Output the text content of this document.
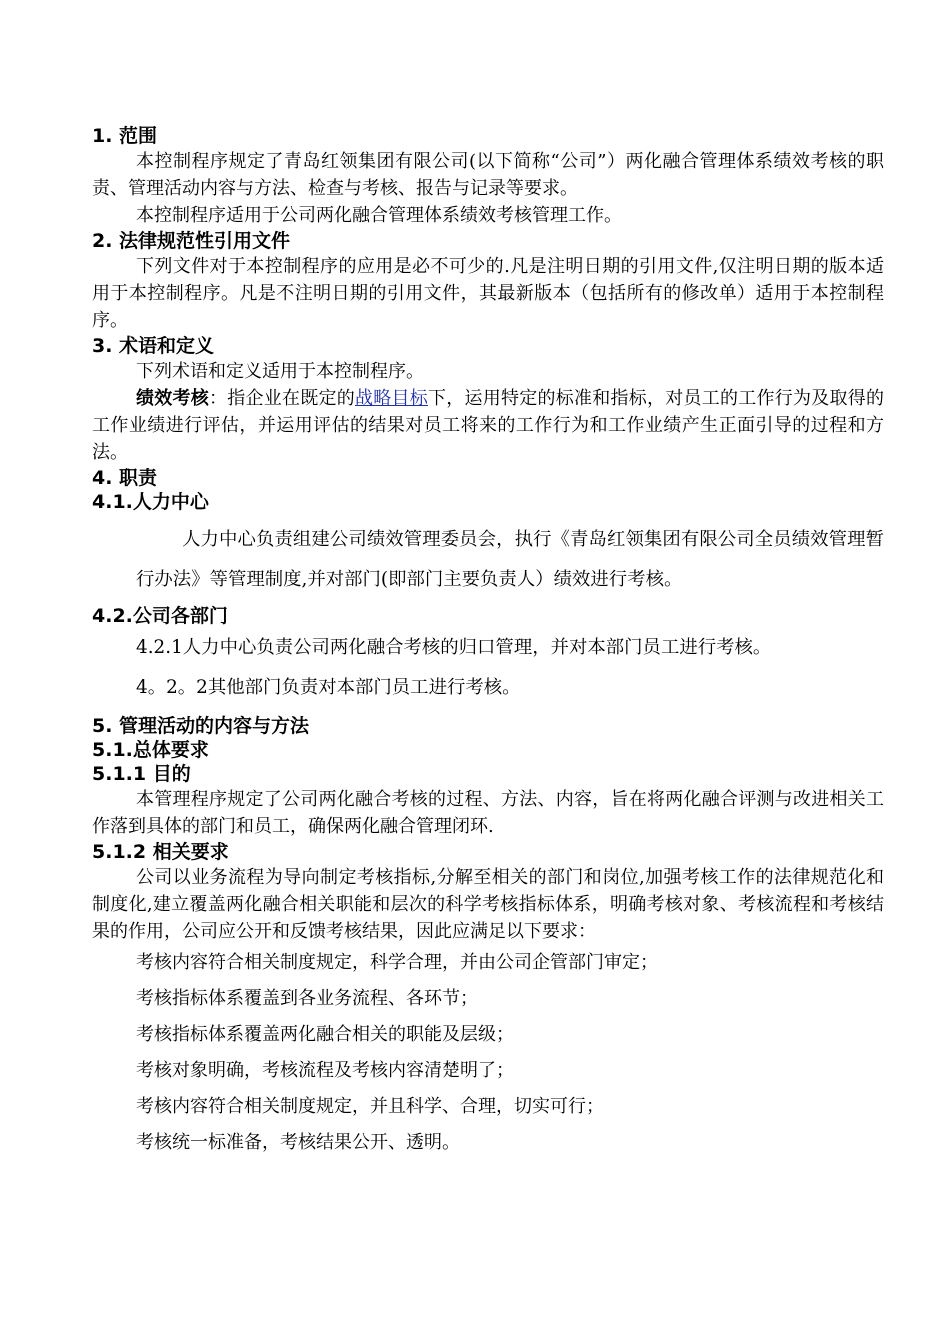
1. 范围

本控制程序规定了青岛红领集团有限公司(以下简称“公司”）两化融合管理体系绩效考核的职责、管理活动内容与方法、检查与考核、报告与记录等要求。

本控制程序适用于公司两化融合管理体系绩效考核管理工作。

2. 法律规范性引用文件

下列文件对于本控制程序的应用是必不可少的.凡是注明日期的引用文件,仅注明日期的版本适用于本控制程序。凡是不注明日期的引用文件，其最新版本（包括所有的修改单）适用于本控制程序。

3. 术语和定义

下列术语和定义适用于本控制程序。

绩效考核：指企业在既定的战略目标下，运用特定的标准和指标，对员工的工作行为及取得的工作业绩进行评估，并运用评估的结果对员工将来的工作行为和工作业绩产生正面引导的过程和方法。

4. 职责
4.1.人力中心

人力中心负责组建公司绩效管理委员会，执行《青岛红领集团有限公司全员绩效管理暂行办法》等管理制度,并对部门(即部门主要负责人）绩效进行考核。

4.2.公司各部门

4.2.1人力中心负责公司两化融合考核的归口管理，并对本部门员工进行考核。

4。2。2其他部门负责对本部门员工进行考核。

5. 管理活动的内容与方法
5.1.总体要求
5.1.1 目的

本管理程序规定了公司两化融合考核的过程、方法、内容，旨在将两化融合评测与改进相关工作落到具体的部门和员工，确保两化融合管理闭环.

5.1.2 相关要求

公司以业务流程为导向制定考核指标,分解至相关的部门和岗位,加强考核工作的法律规范化和制度化,建立覆盖两化融合相关职能和层次的科学考核指标体系，明确考核对象、考核流程和考核结果的作用，公司应公开和反馈考核结果，因此应满足以下要求：

考核内容符合相关制度规定，科学合理，并由公司企管部门审定；

考核指标体系覆盖到各业务流程、各环节；

考核指标体系覆盖两化融合相关的职能及层级；

考核对象明确，考核流程及考核内容清楚明了；

考核内容符合相关制度规定，并且科学、合理，切实可行；

考核统一标准备，考核结果公开、透明。
